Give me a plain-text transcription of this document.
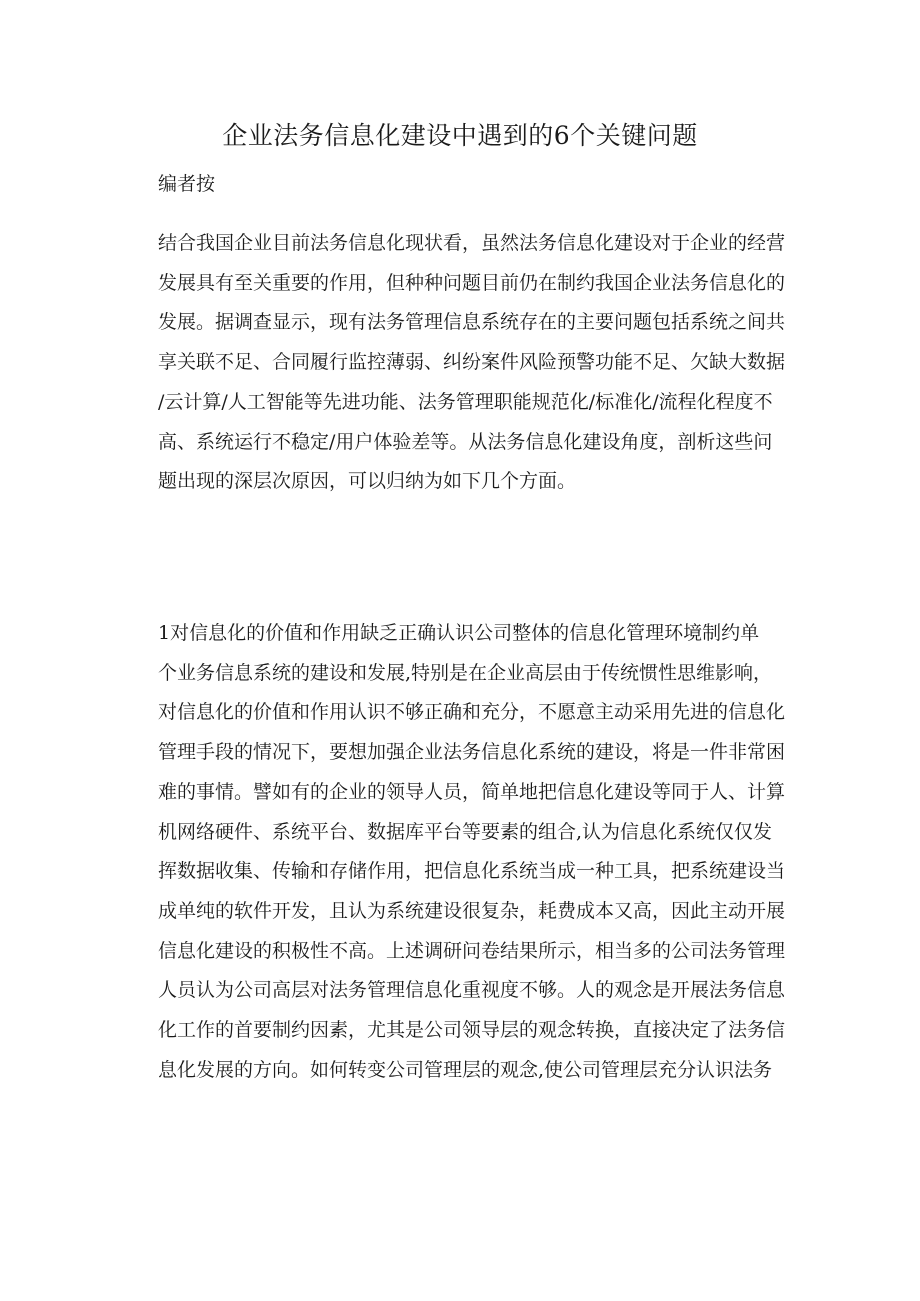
企业法务信息化建设中遇到的6个关键问题

编者按

结合我国企业目前法务信息化现状看，虽然法务信息化建设对于企业的经营
发展具有至关重要的作用，但种种问题目前仍在制约我国企业法务信息化的
发展。据调查显示，现有法务管理信息系统存在的主要问题包括系统之间共
享关联不足、合同履行监控薄弱、纠纷案件风险预警功能不足、欠缺大数据
/云计算/人工智能等先进功能、法务管理职能规范化/标准化/流程化程度不
高、系统运行不稳定/用户体验差等。从法务信息化建设角度，剖析这些问
题出现的深层次原因，可以归纳为如下几个方面。

1对信息化的价值和作用缺乏正确认识公司整体的信息化管理环境制约单
个业务信息系统的建设和发展,特别是在企业高层由于传统惯性思维影响，
对信息化的价值和作用认识不够正确和充分，不愿意主动采用先进的信息化
管理手段的情况下，要想加强企业法务信息化系统的建设，将是一件非常困
难的事情。譬如有的企业的领导人员，简单地把信息化建设等同于人、计算
机网络硬件、系统平台、数据库平台等要素的组合,认为信息化系统仅仅发
挥数据收集、传输和存储作用，把信息化系统当成一种工具，把系统建设当
成单纯的软件开发，且认为系统建设很复杂，耗费成本又高，因此主动开展
信息化建设的积极性不高。上述调研问卷结果所示，相当多的公司法务管理
人员认为公司高层对法务管理信息化重视度不够。人的观念是开展法务信息
化工作的首要制约因素，尤其是公司领导层的观念转换，直接决定了法务信
息化发展的方向。如何转变公司管理层的观念,使公司管理层充分认识法务
